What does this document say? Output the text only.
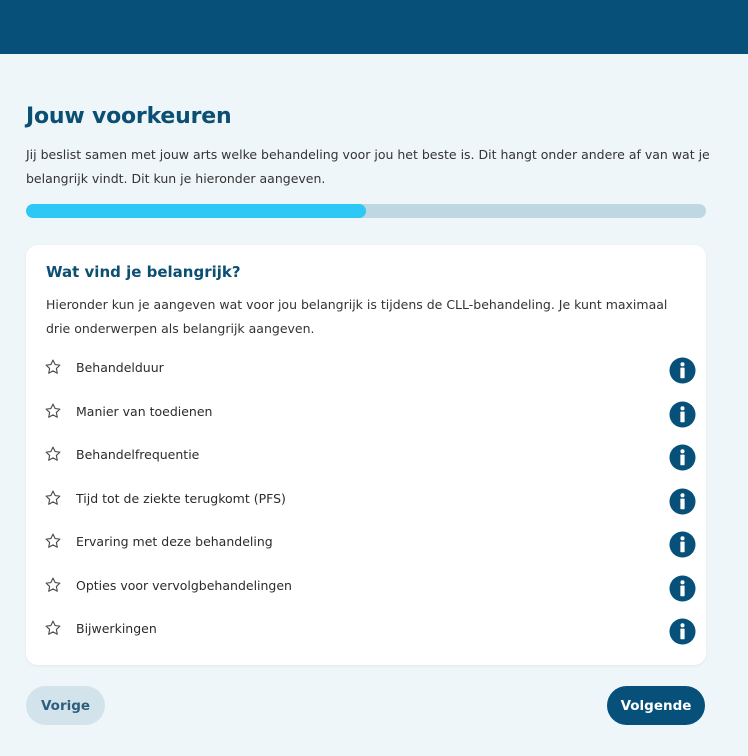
Jouw voorkeuren

Jij beslist samen met jouw arts welke behandeling voor jou het beste is. Dit hangt onder andere af van wat je belangrijk vindt. Dit kun je hieronder aangeven.

Wat vind je belangrijk?

Hieronder kun je aangeven wat voor jou belangrijk is tijdens de CLL-behandeling. Je kunt maximaal drie onderwerpen als belangrijk aangeven.

Behandelduur
Manier van toedienen
Behandelfrequentie
Tijd tot de ziekte terugkomt (PFS)
Ervaring met deze behandeling
Opties voor vervolgbehandelingen
Bijwerkingen
Vorige	Volgende
